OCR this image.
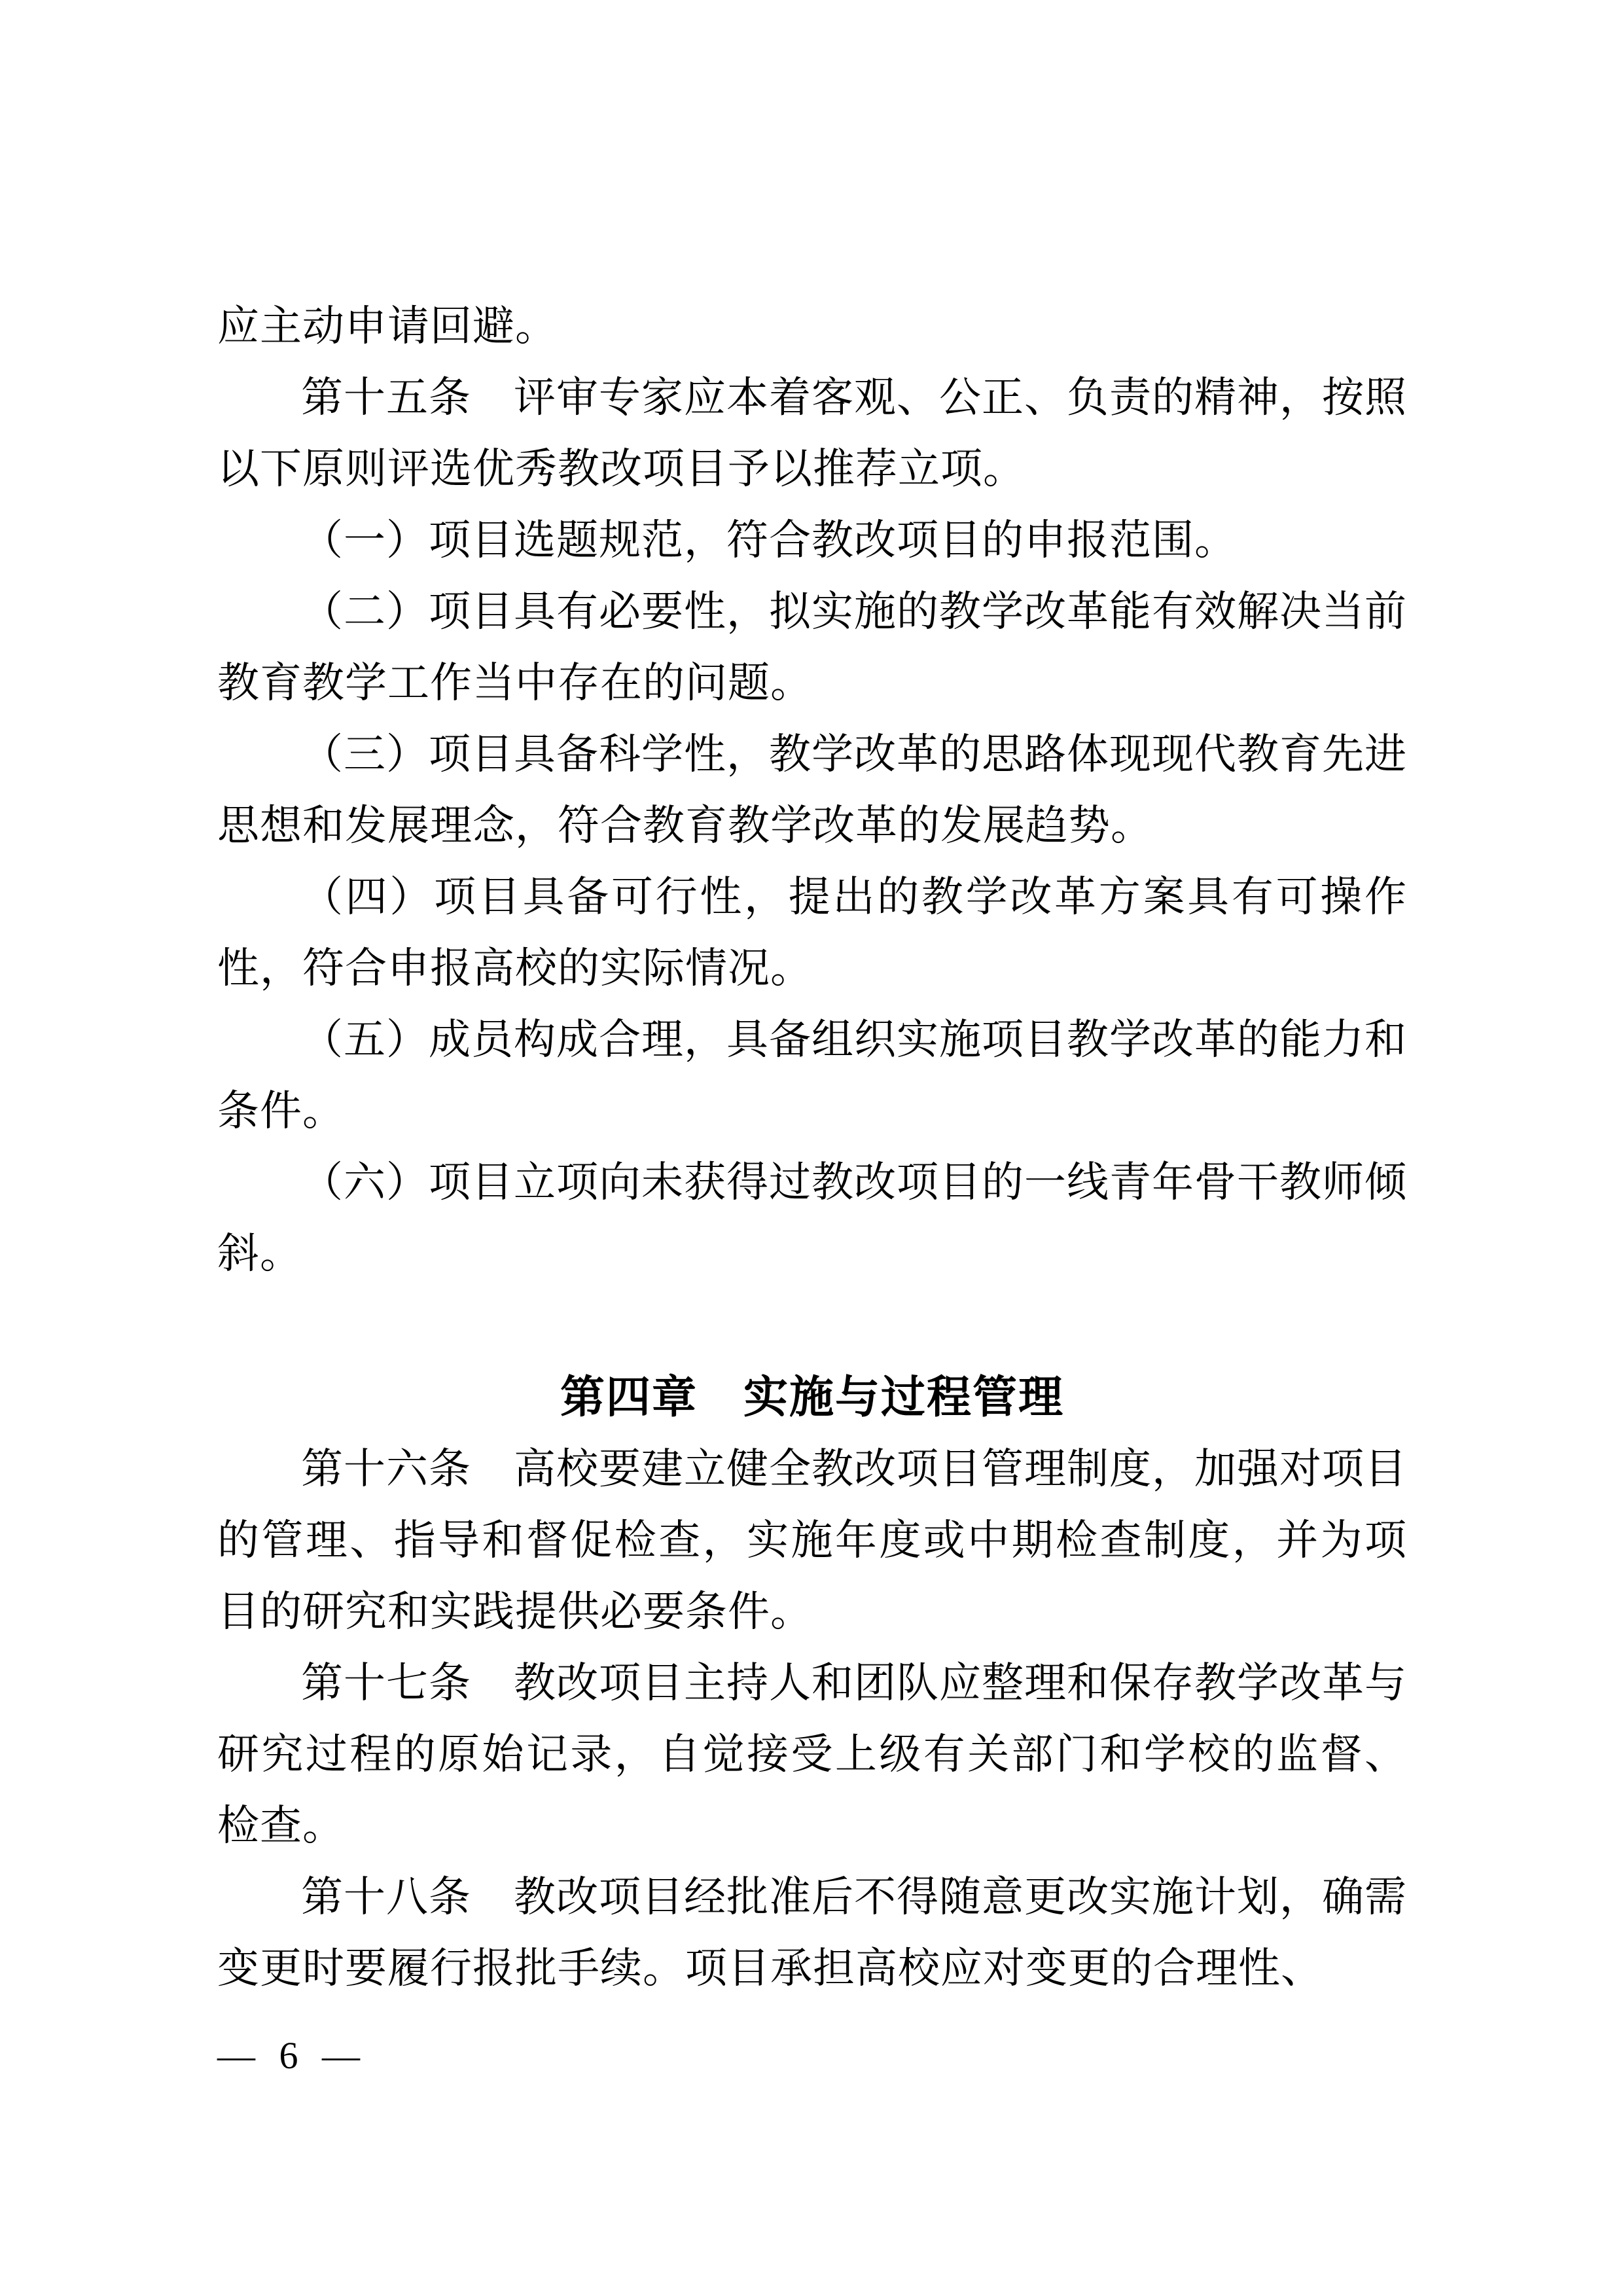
应主动申请回避。

第十五条　评审专家应本着客观、公正、负责的精神，按照以下原则评选优秀教改项目予以推荐立项。

（一）项目选题规范，符合教改项目的申报范围。

（二）项目具有必要性，拟实施的教学改革能有效解决当前教育教学工作当中存在的问题。

（三）项目具备科学性，教学改革的思路体现现代教育先进思想和发展理念，符合教育教学改革的发展趋势。

（四）项目具备可行性，提出的教学改革方案具有可操作性，符合申报高校的实际情况。

（五）成员构成合理，具备组织实施项目教学改革的能力和条件。

（六）项目立项向未获得过教改项目的一线青年骨干教师倾斜。

第四章　实施与过程管理

第十六条　高校要建立健全教改项目管理制度，加强对项目的管理、指导和督促检查，实施年度或中期检查制度，并为项目的研究和实践提供必要条件。

第十七条　教改项目主持人和团队应整理和保存教学改革与研究过程的原始记录，自觉接受上级有关部门和学校的监督、检查。

第十八条　教改项目经批准后不得随意更改实施计划，确需变更时要履行报批手续。项目承担高校应对变更的合理性、

— 6 —
